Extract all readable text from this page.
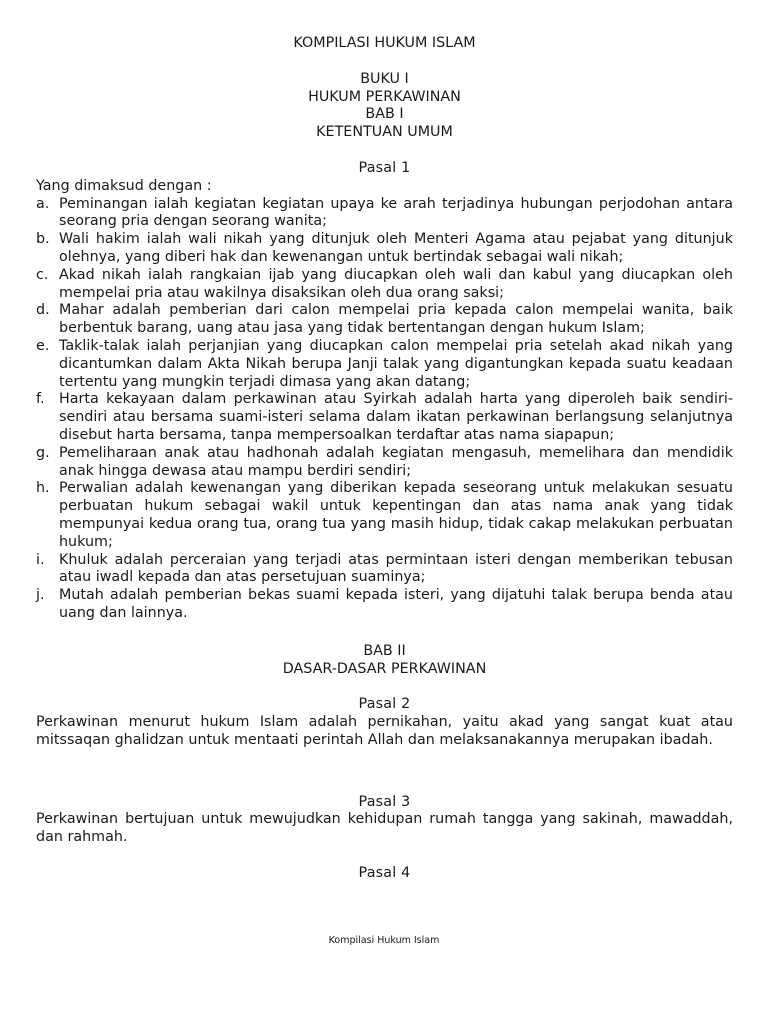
KOMPILASI HUKUM ISLAM

BUKU I

HUKUM PERKAWINAN

BAB I

KETENTUAN UMUM

Pasal 1

Yang dimaksud dengan :

a. Peminangan ialah kegiatan kegiatan upaya ke arah terjadinya hubungan perjodohan antara seorang pria dengan seorang wanita;
b. Wali hakim ialah wali nikah yang ditunjuk oleh Menteri Agama atau pejabat yang ditunjuk olehnya, yang diberi hak dan kewenangan untuk bertindak sebagai wali nikah;
c. Akad nikah ialah rangkaian ijab yang diucapkan oleh wali dan kabul yang diucapkan oleh mempelai pria atau wakilnya disaksikan oleh dua orang saksi;
d. Mahar adalah pemberian dari calon mempelai pria kepada calon mempelai wanita, baik berbentuk barang, uang atau jasa yang tidak bertentangan dengan hukum Islam;
e. Taklik-talak ialah perjanjian yang diucapkan calon mempelai pria setelah akad nikah yang dicantumkan dalam Akta Nikah berupa Janji talak yang digantungkan kepada suatu keadaan tertentu yang mungkin terjadi dimasa yang akan datang;
f. Harta kekayaan dalam perkawinan atau Syirkah adalah harta yang diperoleh baik sendiri-sendiri atau bersama suami-isteri selama dalam ikatan perkawinan berlangsung selanjutnya disebut harta bersama, tanpa mempersoalkan terdaftar atas nama siapapun;
g. Pemeliharaan anak atau hadhonah adalah kegiatan mengasuh, memelihara dan mendidik anak hingga dewasa atau mampu berdiri sendiri;
h. Perwalian adalah kewenangan yang diberikan kepada seseorang untuk melakukan sesuatu perbuatan hukum sebagai wakil untuk kepentingan dan atas nama anak yang tidak mempunyai kedua orang tua, orang tua yang masih hidup, tidak cakap melakukan perbuatan hukum;
i. Khuluk adalah perceraian yang terjadi atas permintaan isteri dengan memberikan tebusan atau iwadl kepada dan atas persetujuan suaminya;
j. Mutah adalah pemberian bekas suami kepada isteri, yang dijatuhi talak berupa benda atau uang dan lainnya.

BAB II

DASAR-DASAR PERKAWINAN

Pasal 2

Perkawinan menurut hukum Islam adalah pernikahan, yaitu akad yang sangat kuat atau mitssaqan ghalidzan untuk mentaati perintah Allah dan melaksanakannya merupakan ibadah.

Pasal 3

Perkawinan bertujuan untuk mewujudkan kehidupan rumah tangga yang sakinah, mawaddah, dan rahmah.

Pasal 4

Kompilasi Hukum Islam
